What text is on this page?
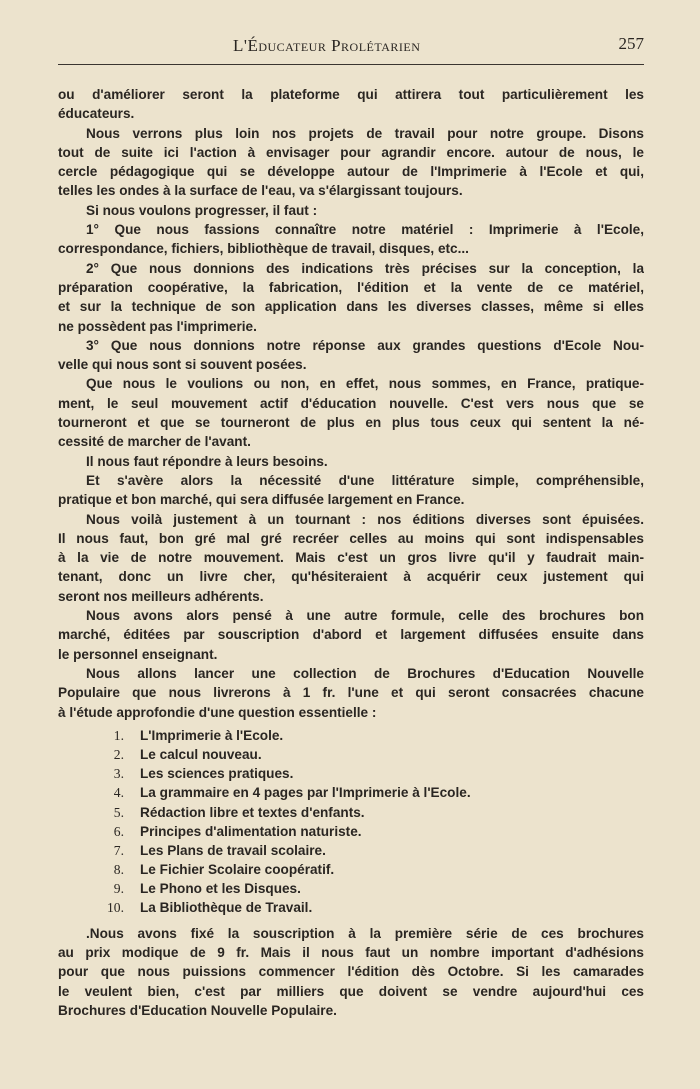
L'Éducateur Prolétarien	257
ou d'améliorer seront la plateforme qui attirera tout particulièrement les
éducateurs.
Nous verrons plus loin nos projets de travail pour notre groupe. Disons
tout de suite ici l'action à envisager pour agrandir encore. autour de nous, le
cercle pédagogique qui se développe autour de l'Imprimerie à l'Ecole et qui,
telles les ondes à la surface de l'eau, va s'élargissant toujours.
Si nous voulons progresser, il faut :
1° Que nous fassions connaître notre matériel : Imprimerie à l'Ecole,
correspondance, fichiers, bibliothèque de travail, disques, etc...
2° Que nous donnions des indications très précises sur la conception, la
préparation coopérative, la fabrication, l'édition et la vente de ce matériel,
et sur la technique de son application dans les diverses classes, même si elles
ne possèdent pas l'imprimerie.
3° Que nous donnions notre réponse aux grandes questions d'Ecole Nou-
velle qui nous sont si souvent posées.
Que nous le voulions ou non, en effet, nous sommes, en France, pratique-
ment, le seul mouvement actif d'éducation nouvelle. C'est vers nous que se
tourneront et que se tourneront de plus en plus tous ceux qui sentent la né-
cessité de marcher de l'avant.
Il nous faut répondre à leurs besoins.
Et s'avère alors la nécessité d'une littérature simple, compréhensible,
pratique et bon marché, qui sera diffusée largement en France.
Nous voilà justement à un tournant : nos éditions diverses sont épuisées.
Il nous faut, bon gré mal gré recréer celles au moins qui sont indispensables
à la vie de notre mouvement. Mais c'est un gros livre qu'il y faudrait main-
tenant, donc un livre cher, qu'hésiteraient à acquérir ceux justement qui
seront nos meilleurs adhérents.
Nous avons alors pensé à une autre formule, celle des brochures bon
marché, éditées par souscription d'abord et largement diffusées ensuite dans
le personnel enseignant.
Nous allons lancer une collection de Brochures d'Education Nouvelle
Populaire que nous livrerons à 1 fr. l'une et qui seront consacrées chacune
à l'étude approfondie d'une question essentielle :
1. L'Imprimerie à l'Ecole.
2. Le calcul nouveau.
3. Les sciences pratiques.
4. La grammaire en 4 pages par l'Imprimerie à l'Ecole.
5. Rédaction libre et textes d'enfants.
6. Principes d'alimentation naturiste.
7. Les Plans de travail scolaire.
8. Le Fichier Scolaire coopératif.
9. Le Phono et les Disques.
10. La Bibliothèque de Travail.
.Nous avons fixé la souscription à la première série de ces brochures
au prix modique de 9 fr. Mais il nous faut un nombre important d'adhésions
pour que nous puissions commencer l'édition dès Octobre. Si les camarades
le veulent bien, c'est par milliers que doivent se vendre aujourd'hui ces
Brochures d'Education Nouvelle Populaire.
